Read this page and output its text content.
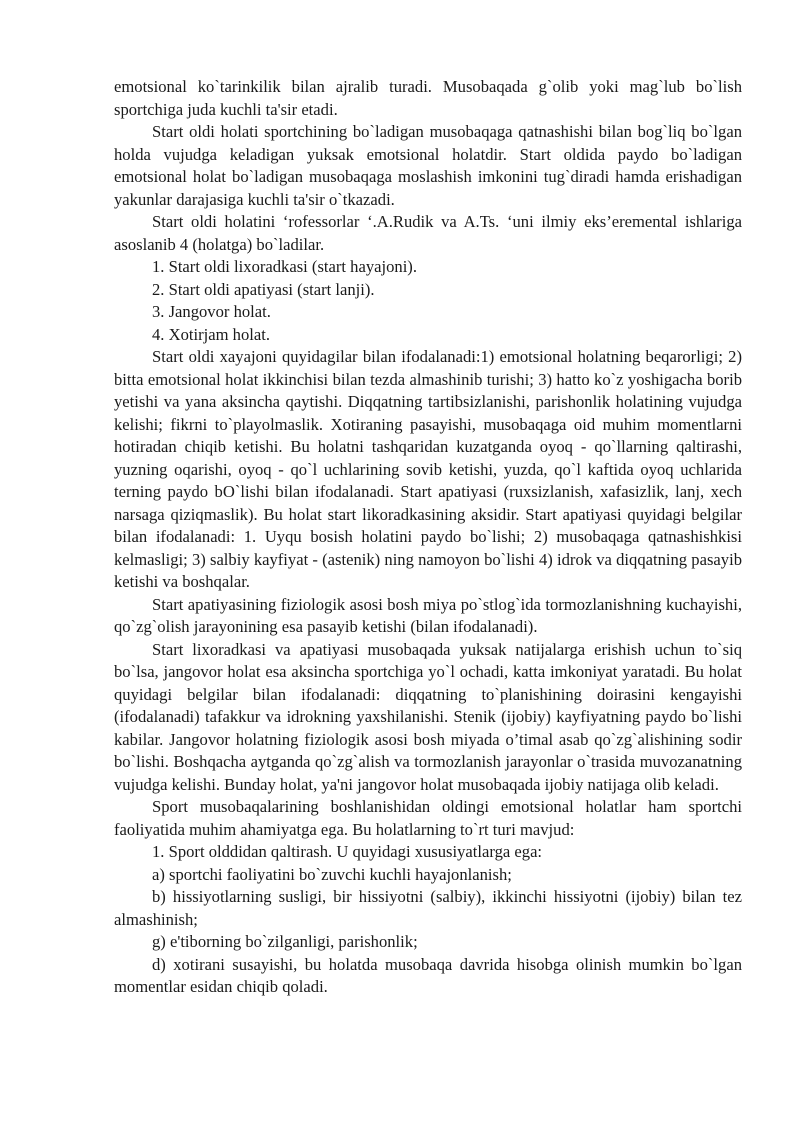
emotsional ko`tarinkilik bilan ajralib turadi. Musobaqada g`olib yoki mag`lub bo`lish sportchiga juda kuchli ta'sir etadi.

Start oldi holati sportchining bo`ladigan musobaqaga qatnashishi bilan bog`liq bo`lgan holda vujudga keladigan yuksak emotsional holatdir. Start oldida paydo bo`ladigan emotsional holat bo`ladigan musobaqaga moslashish imkonini tug`diradi hamda erishadigan yakunlar darajasiga kuchli ta'sir o`tkazadi.

Start oldi holatini ‘rofessorlar ‘.A.Rudik va A.Ts. ‘uni ilmiy eks’eremental ishlariga asoslanib 4 (holatga) bo`ladilar.

1. Start oldi lixoradkasi (start hayajoni).

2. Start oldi apatiyasi (start lanji).

3. Jangovor holat.

4. Xotirjam holat.

Start oldi xayajoni quyidagilar bilan ifodalanadi:1) emotsional holatning beqarorligi; 2) bitta emotsional holat ikkinchisi bilan tezda almashinib turishi; 3) hatto ko`z yoshigacha borib yetishi va yana aksincha qaytishi. Diqqatning tartibsizlanishi, parishonlik holatining vujudga kelishi; fikrni to`playolmaslik. Xotiraning pasayishi, musobaqaga oid muhim momentlarni hotiradan chiqib ketishi. Bu holatni tashqaridan kuzatganda oyoq - qo`llarning qaltirashi, yuzning oqarishi, oyoq - qo`l uchlarining sovib ketishi, yuzda, qo`l kaftida oyoq uchlarida terning paydo bO`lishi bilan ifodalanadi. Start apatiyasi (ruxsizlanish, xafasizlik, lanj, xech narsaga qiziqmaslik). Bu holat start likoradkasining aksidir. Start apatiyasi quyidagi belgilar bilan ifodalanadi: 1. Uyqu bosish holatini paydo bo`lishi; 2) musobaqaga qatnashishkisi kelmasligi; 3) salbiy kayfiyat - (astenik) ning namoyon bo`lishi 4) idrok va diqqatning pasayib ketishi va boshqalar.

Start apatiyasining fiziologik asosi bosh miya po`stlog`ida tormozlanishning kuchayishi, qo`zg`olish jarayonining esa pasayib ketishi (bilan ifodalanadi).

Start lixoradkasi va apatiyasi musobaqada yuksak natijalarga erishish uchun to`siq bo`lsa, jangovor holat esa aksincha sportchiga yo`l ochadi, katta imkoniyat yaratadi. Bu holat quyidagi belgilar bilan ifodalanadi: diqqatning to`planishining doirasini kengayishi (ifodalanadi) tafakkur va idrokning yaxshilanishi. Stenik (ijobiy) kayfiyatning paydo bo`lishi kabilar. Jangovor holatning fiziologik asosi bosh miyada o’timal asab qo`zg`alishining sodir bo`lishi. Boshqacha aytganda qo`zg`alish va tormozlanish jarayonlar o`trasida muvozanatning vujudga kelishi. Bunday holat, ya'ni jangovor holat musobaqada ijobiy natijaga olib keladi.

Sport musobaqalarining boshlanishidan oldingi emotsional holatlar ham sportchi faoliyatida muhim ahamiyatga ega. Bu holatlarning to`rt turi mavjud:

1. Sport olddidan qaltirash. U quyidagi xususiyatlarga ega:

a) sportchi faoliyatini bo`zuvchi kuchli hayajonlanish;

b) hissiyotlarning susligi, bir hissiyotni (salbiy), ikkinchi hissiyotni (ijobiy) bilan tez almashinish;

g) e'tiborning bo`zilganligi, parishonlik;

d) xotirani susayishi, bu holatda musobaqa davrida hisobga olinish mumkin bo`lgan momentlar esidan chiqib qoladi.
